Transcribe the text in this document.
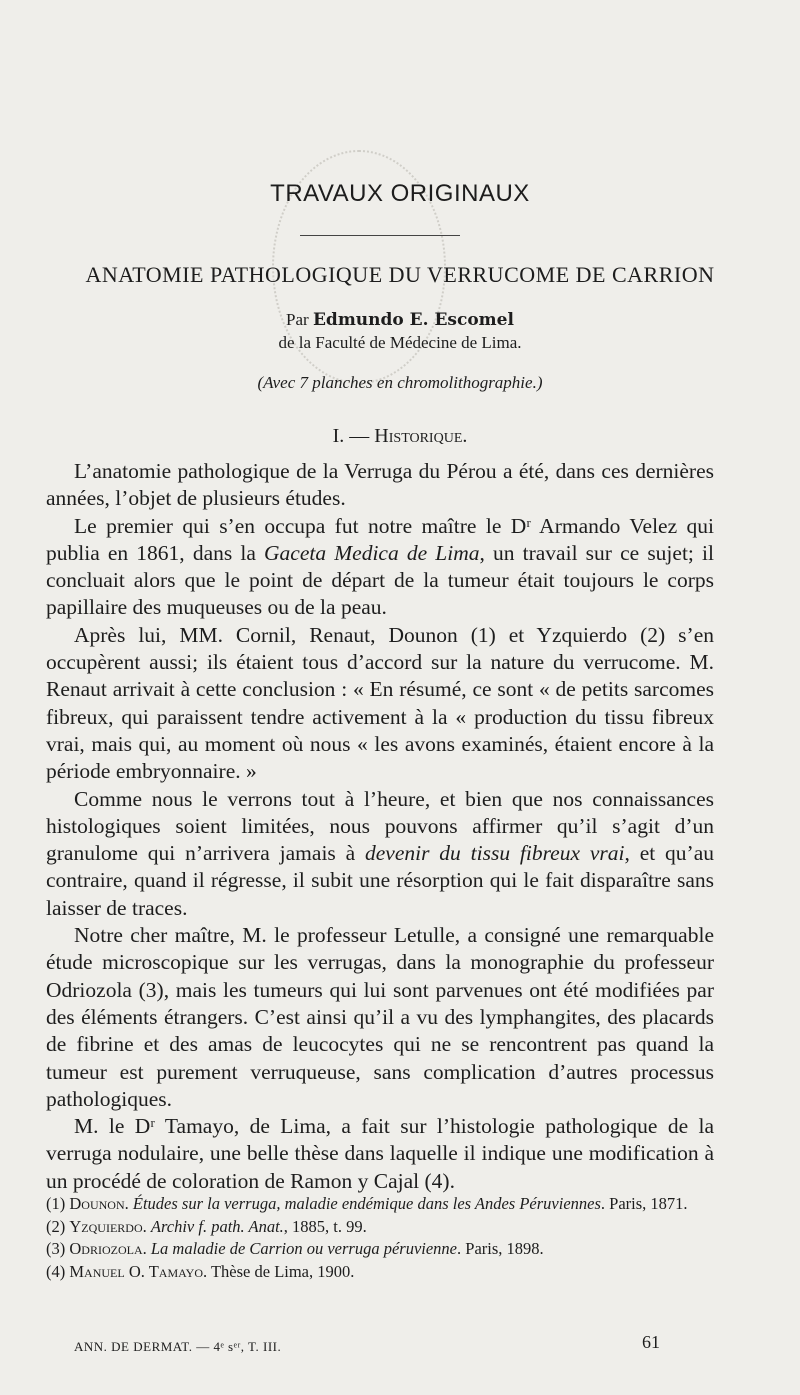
TRAVAUX ORIGINAUX
ANATOMIE PATHOLOGIQUE DU VERRUCOME DE CARRION
Par Edmundo E. Escomel
de la Faculté de Médecine de Lima.
(Avec 7 planches en chromolithographie.)
I. — Historique.

L’anatomie pathologique de la Verruga du Pérou a été, dans ces dernières années, l’objet de plusieurs études.

Le premier qui s’en occupa fut notre maître le Dʳ Armando Velez qui publia en 1861, dans la Gaceta Medica de Lima, un travail sur ce sujet; il concluait alors que le point de départ de la tumeur était toujours le corps papillaire des muqueuses ou de la peau.

Après lui, MM. Cornil, Renaut, Dounon (1) et Yzquierdo (2) s’en occupèrent aussi; ils étaient tous d’accord sur la nature du verrucome. M. Renaut arrivait à cette conclusion : « En résumé, ce sont « de petits sarcomes fibreux, qui paraissent tendre activement à la « production du tissu fibreux vrai, mais qui, au moment où nous « les avons examinés, étaient encore à la période embryonnaire. »

Comme nous le verrons tout à l’heure, et bien que nos connaissances histologiques soient limitées, nous pouvons affirmer qu’il s’agit d’un granulome qui n’arrivera jamais à devenir du tissu fibreux vrai, et qu’au contraire, quand il régresse, il subit une résorption qui le fait disparaître sans laisser de traces.

Notre cher maître, M. le professeur Letulle, a consigné une remarquable étude microscopique sur les verrugas, dans la monographie du professeur Odriozola (3), mais les tumeurs qui lui sont parvenues ont été modifiées par des éléments étrangers. C’est ainsi qu’il a vu des lymphangites, des placards de fibrine et des amas de leucocytes qui ne se rencontrent pas quand la tumeur est purement verruqueuse, sans complication d’autres processus pathologiques.

M. le Dʳ Tamayo, de Lima, a fait sur l’histologie pathologique de la verruga nodulaire, une belle thèse dans laquelle il indique une modification à un procédé de coloration de Ramon y Cajal (4).

(1) Dounon. Études sur la verruga, maladie endémique dans les Andes Péruviennes. Paris, 1871.

(2) Yzquierdo. Archiv f. path. Anat., 1885, t. 99.

(3) Odriozola. La maladie de Carrion ou verruga péruvienne. Paris, 1898.

(4) Manuel O. Tamayo. Thèse de Lima, 1900.

ANN. DE DERMAT. — 4ᵉ sᵉʳ, T. III.	61
